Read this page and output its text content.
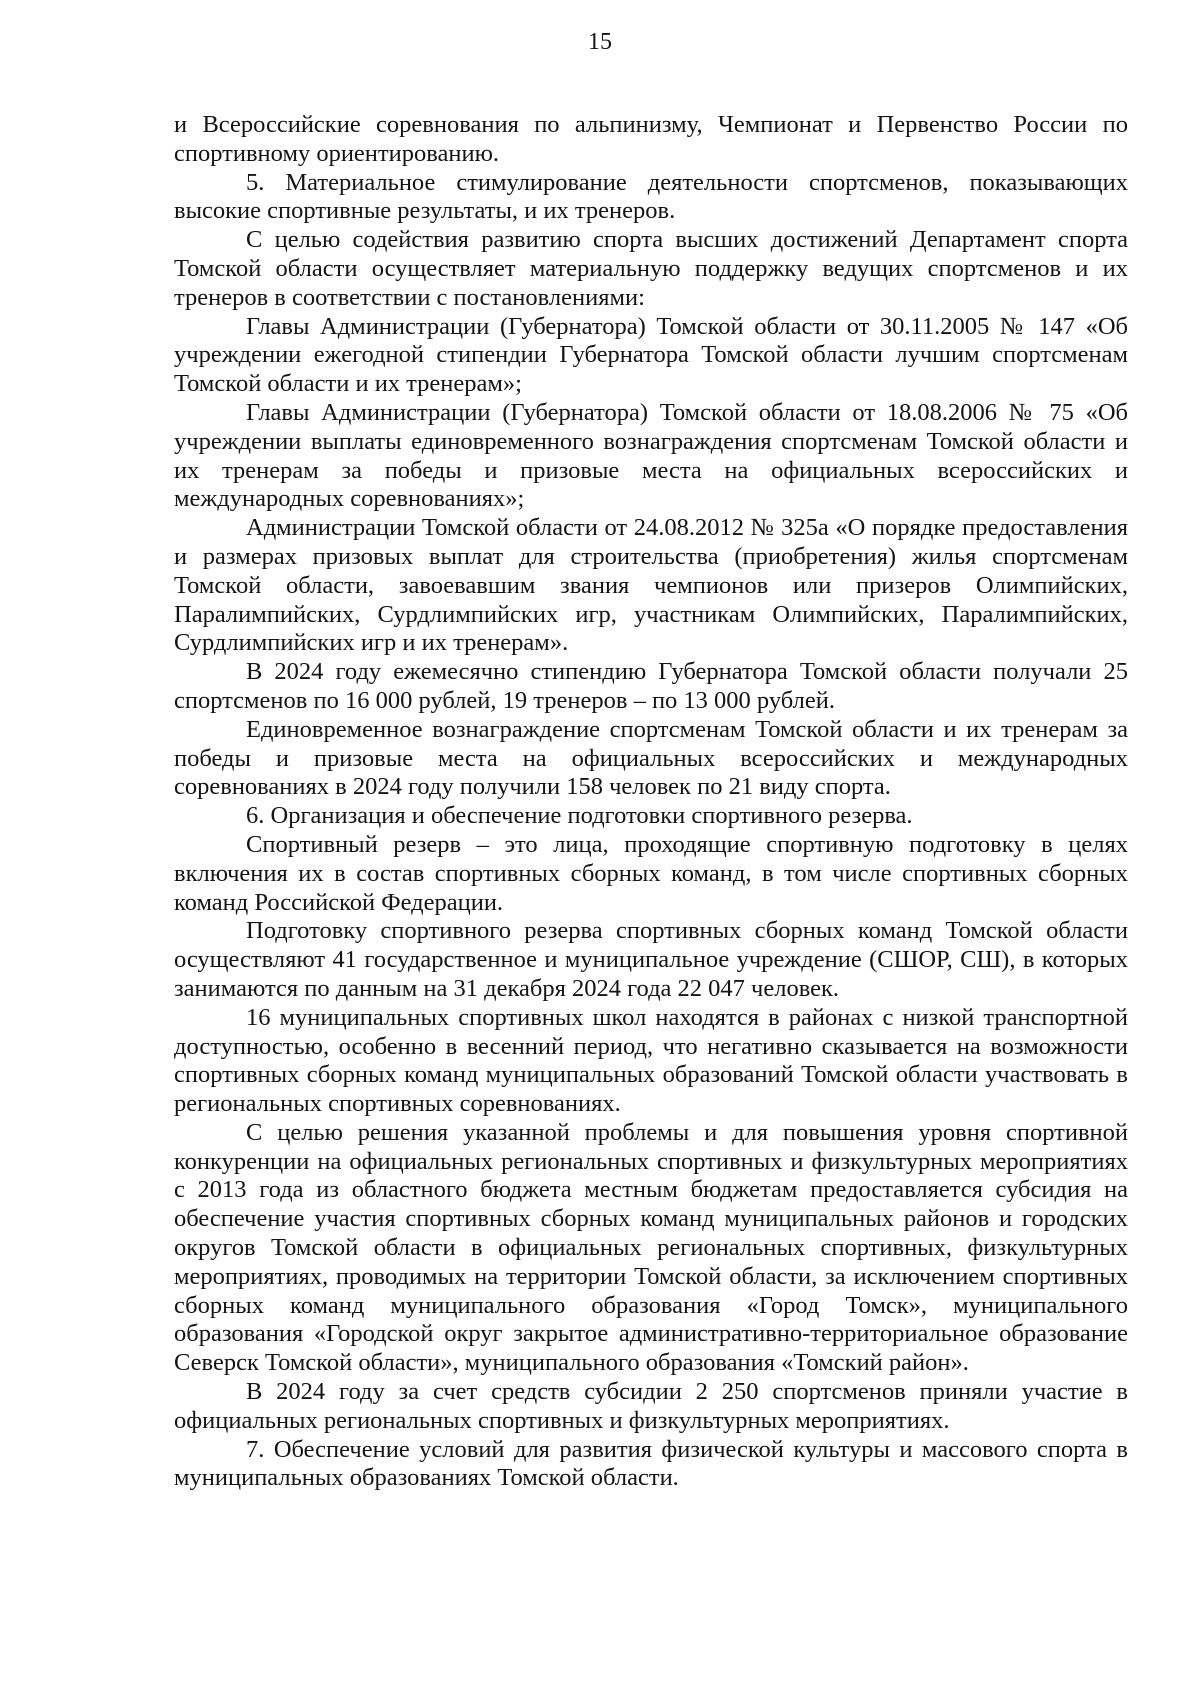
15

и Всероссийские соревнования по альпинизму, Чемпионат и Первенство России по спортивному ориентированию.

5. Материальное стимулирование деятельности спортсменов, показывающих высокие спортивные результаты, и их тренеров.

С целью содействия развитию спорта высших достижений Департамент спорта Томской области осуществляет материальную поддержку ведущих спортсменов и их тренеров в соответствии с постановлениями:

Главы Администрации (Губернатора) Томской области от 30.11.2005 № 147 «Об учреждении ежегодной стипендии Губернатора Томской области лучшим спортсменам Томской области и их тренерам»;

Главы Администрации (Губернатора) Томской области от 18.08.2006 № 75 «Об учреждении выплаты единовременного вознаграждения спортсменам Томской области и их тренерам за победы и призовые места на официальных всероссийских и международных соревнованиях»;

Администрации Томской области от 24.08.2012 № 325а «О порядке предоставления и размерах призовых выплат для строительства (приобретения) жилья спортсменам Томской области, завоевавшим звания чемпионов или призеров Олимпийских, Паралимпийских, Сурдлимпийских игр, участникам Олимпийских, Паралимпийских, Сурдлимпийских игр и их тренерам».

В 2024 году ежемесячно стипендию Губернатора Томской области получали 25 спортсменов по 16 000 рублей, 19 тренеров – по 13 000 рублей.

Единовременное вознаграждение спортсменам Томской области и их тренерам за победы и призовые места на официальных всероссийских и международных соревнованиях в 2024 году получили 158 человек по 21 виду спорта.

6. Организация и обеспечение подготовки спортивного резерва.

Спортивный резерв – это лица, проходящие спортивную подготовку в целях включения их в состав спортивных сборных команд, в том числе спортивных сборных команд Российской Федерации.

Подготовку спортивного резерва спортивных сборных команд Томской области осуществляют 41 государственное и муниципальное учреждение (СШОР, СШ), в которых занимаются по данным на 31 декабря 2024 года 22 047 человек.

16 муниципальных спортивных школ находятся в районах с низкой транспортной доступностью, особенно в весенний период, что негативно сказывается на возможности спортивных сборных команд муниципальных образований Томской области участвовать в региональных спортивных соревнованиях.

С целью решения указанной проблемы и для повышения уровня спортивной конкуренции на официальных региональных спортивных и физкультурных мероприятиях с 2013 года из областного бюджета местным бюджетам предоставляется субсидия на обеспечение участия спортивных сборных команд муниципальных районов и городских округов Томской области в официальных региональных спортивных, физкультурных мероприятиях, проводимых на территории Томской области, за исключением спортивных сборных команд муниципального образования «Город Томск», муниципального образования «Городской округ закрытое административно-территориальное образование Северск Томской области», муниципального образования «Томский район».

В 2024 году за счет средств субсидии 2 250 спортсменов приняли участие в официальных региональных спортивных и физкультурных мероприятиях.

7. Обеспечение условий для развития физической культуры и массового спорта в муниципальных образованиях Томской области.
